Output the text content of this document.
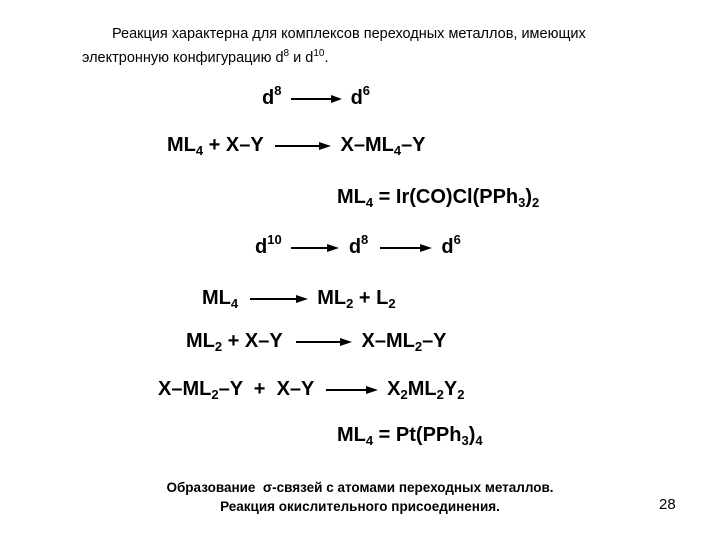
Реакция характерна для комплексов переходных металлов, имеющих
электронную конфигурацию $d^8$ и $d^{10}$.
$d^8$	$d^6$
$ML_4 + X-Y$	$X-ML_4-Y$
$ML_4 = Ir(CO)Cl(PPh_3)_2$
$d^{10}$	$d^8$	$d^6$
$ML_4$	$ML_2 + L_2$
$ML_2 + X-Y$	$X-ML_2-Y$
$X-ML_2-Y + X-Y$	$X_2ML_2Y_2$
$ML_4 = Pt(PPh_3)_4$
Образование  σ-связей с атомами переходных металлов.
Реакция окислительного присоединения.	28
